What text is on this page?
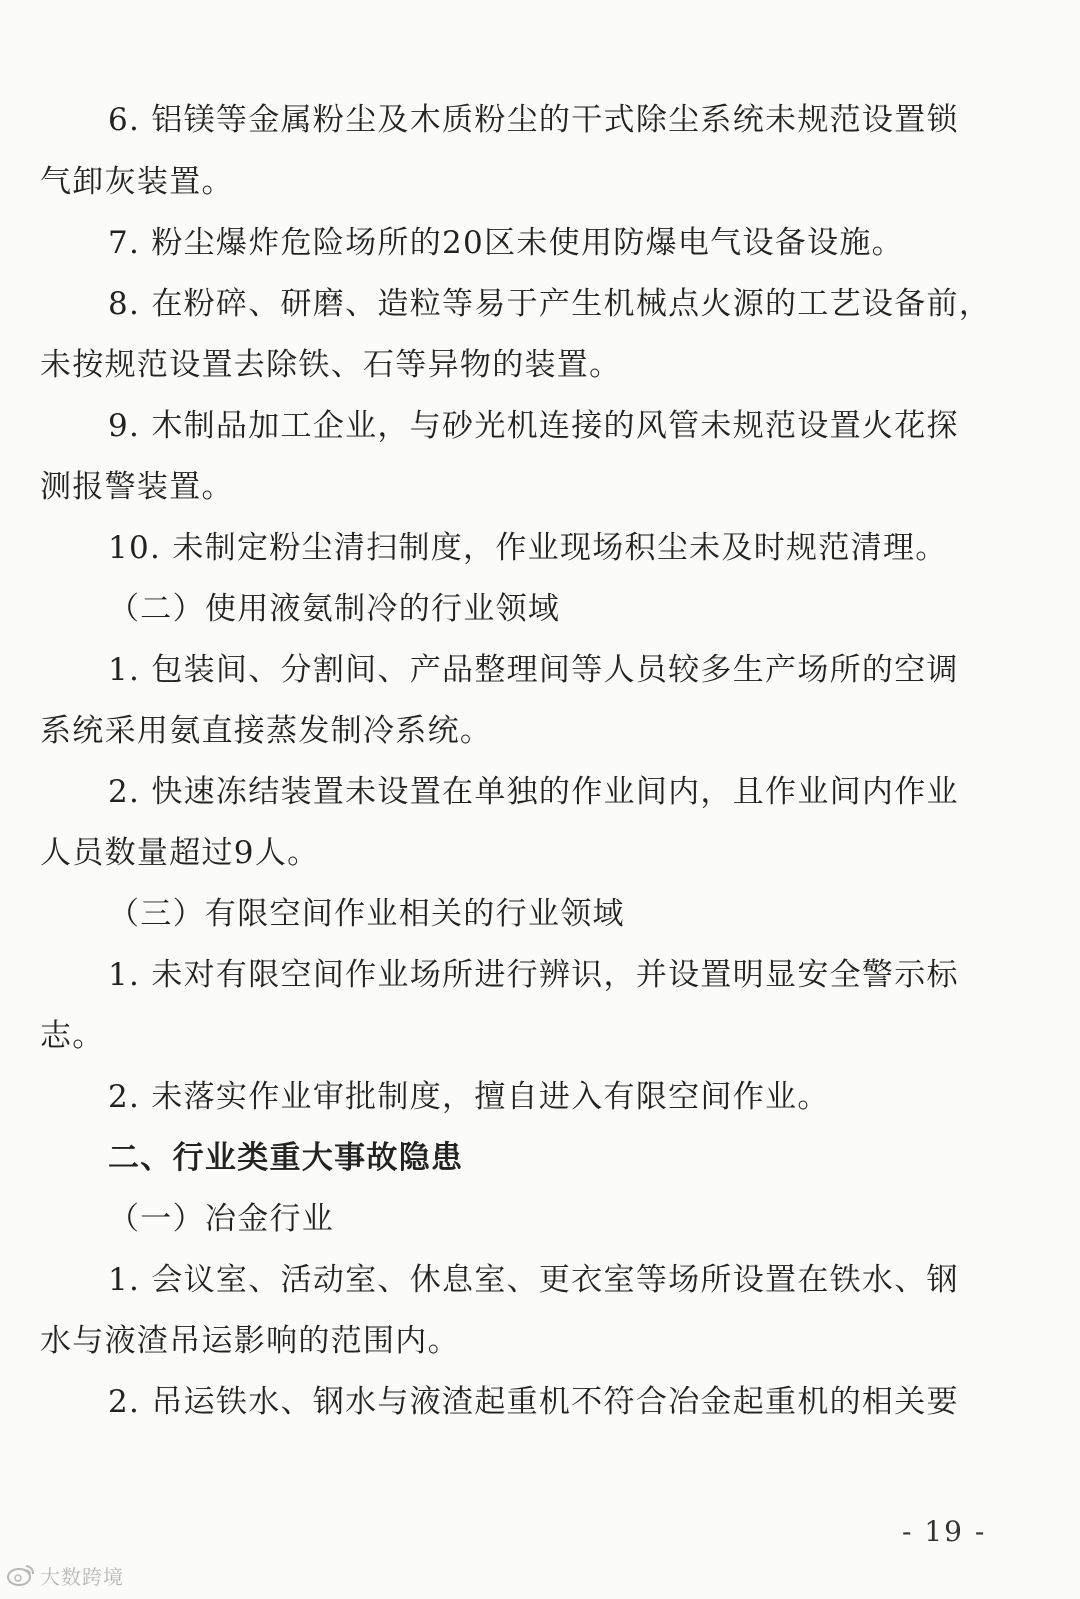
6. 铝镁等金属粉尘及木质粉尘的干式除尘系统未规范设置锁
气卸灰装置。
7. 粉尘爆炸危险场所的20区未使用防爆电气设备设施。
8. 在粉碎、研磨、造粒等易于产生机械点火源的工艺设备前，
未按规范设置去除铁、石等异物的装置。
9. 木制品加工企业，与砂光机连接的风管未规范设置火花探
测报警装置。
10. 未制定粉尘清扫制度，作业现场积尘未及时规范清理。
（二）使用液氨制冷的行业领域
1. 包装间、分割间、产品整理间等人员较多生产场所的空调
系统采用氨直接蒸发制冷系统。
2. 快速冻结装置未设置在单独的作业间内，且作业间内作业
人员数量超过9人。
（三）有限空间作业相关的行业领域
1. 未对有限空间作业场所进行辨识，并设置明显安全警示标
志。
2. 未落实作业审批制度，擅自进入有限空间作业。
二、行业类重大事故隐患
（一）冶金行业
1. 会议室、活动室、休息室、更衣室等场所设置在铁水、钢
水与液渣吊运影响的范围内。
2. 吊运铁水、钢水与液渣起重机不符合冶金起重机的相关要
- 19 -
大数跨境
